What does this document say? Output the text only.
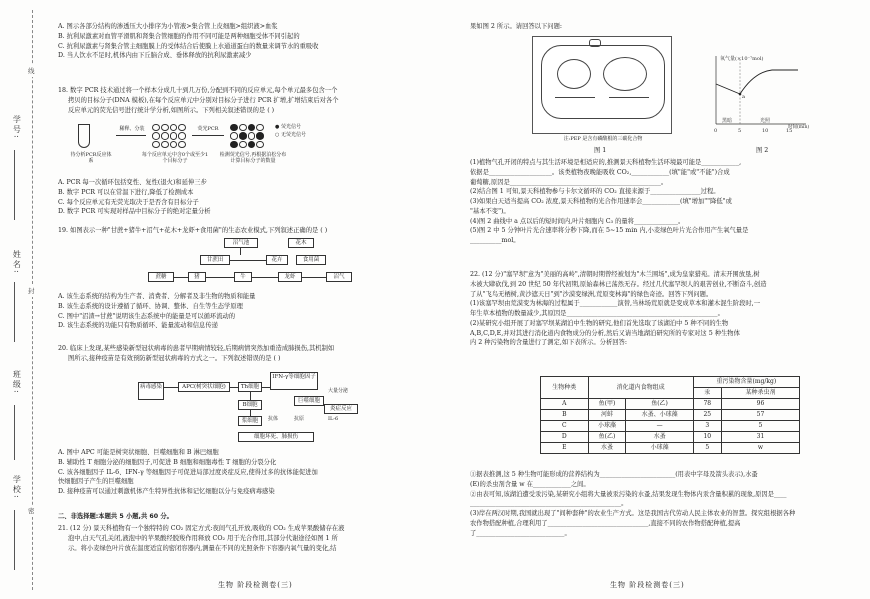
学号:
姓名:
班级:
学校:
线
封
密
A. 图示各部分结构的渗透压大小排序为小管液>集合管上皮细胞>组织液>血浆
B. 抗利尿激素对血管平滑肌和肾集合管细胞的作用不同可能是两种细胞受体不同引起的
C. 抗利尿激素与肾集合管主细胞膜上的受体结合后使膜上水通道蛋白的数量来调节水的重吸收
D. 当人饮水不足时,机体内由下丘脑合成、垂体释放的抗利尿激素减少
18. 数字 PCR 技术通过将一个样本分成几十到几万份,分配到不同的反应单元,每个单元最多包含一个
拷贝的目标分子(DNA 模板),在每个反应单元中分别对目标分子进行 PCR 扩增,扩增结束后对各个
反应单元的荧光信号进行统计学分析,如图所示。下列相关叙述错误的是 ( )
待分析PCR反应体系
稀释、分装
每个反应单元中含0个或至少1个目标分子
荧光PCR
检测荧光信号,再根据泊松分布计算目标分子的数量
● 荧光信号
○ 无荧光信号
A. PCR 每一次循环包括变性、复性(退火)和延伸三步
B. 数字 PCR 可以在常温下进行,降低了检测成本
C. 每个反应单元有无荧光取决于是否含有目标分子
D. 数字 PCR 可实现对样品中目标分子的绝对定量分析
19. 如图表示一种"甘蔗+猪牛+沼气+花木+龙虾+食用菌"的生态农业模式,下列叙述正确的是 ( )
沼气池	花木
甘蔗田	花卉	食用菌
蔗糖	猪	牛	龙虾	沼气
A. 该生态系统的结构为生产者、消费者、分解者及非生物的物质和能量
B. 该生态系统的设计遵循了循环、协调、整体、自生等生态学原理
C. 图中"沼渣→甘蔗"说明该生态系统中的能量是可以循环流动的
D. 该生态系统的功能只有物质循环、能量流动和信息传递
20. 临床上发现,某些感染新型冠状病毒的患者早期病情较轻,后期病情突然加重造成肺损伤,其机制如
图所示,接种疫苗是有效预防新型冠状病毒的方式之一。下列叙述错误的是 ( )
病毒感染	APC(树突状细胞)	Th细胞
IFN-γ等细胞因子
B细胞
巨噬细胞
大量分泌
浆细胞	抗体
炎症反应
抗原	IL-6
细胞坏死、肺损伤
A. 图中 APC 可能是树突状细胞、巨噬细胞和 B 淋巴细胞
B. 辅助性 T 细胞分泌的细胞因子,可促进 B 细胞和细胞毒性 T 细胞的分裂分化
C. 该各细胞因子 IL-6、IFN-γ 等细胞因子可促进局部过度炎症反应,使得过多的抗体能促进加
快细胞因子产生的巨噬细胞
D. 接种疫苗可以通过刺激机体产生特异性抗体和记忆细胞以分与免疫病毒感染
二、非选择题:本题共 5 小题,共 60 分。
21. (12 分) 景天科植物有一个独特特的 CO₂ 固定方式:夜间气孔开放,吸收的 CO₂ 生成苹果酸储存在液
泡中,白天气孔关闭,液泡中的苹果酸经脱羧作用释放 CO₂ 用于光合作用,其部分代谢途径如图 1 所
示。将小麦绿色叶片放在温度适宜的密闭容器内,测量在不同的光照条件下容器内氧气量的变化,结
生物 阶段检测卷(三)
果如图 2 所示。请回答以下问题:
注:PEP 是含有磷酸根的三碳化合物
图 1
a
黑暗	光照
0	5	10	15
氧气量(×10⁻⁷mol)
时间(min)
图 2
(1)植物气孔开闭的特点与其生活环境是相适应的,推测景天科植物生活环境最可能是____________,
依据是____________________。该类植物夜晚能吸收 CO₂,____________(填"能"或"不能")合成
葡萄糖,原因是________________________________________________。
(2)结合图 1 可知,景天科植物参与卡尔文循环的 CO₂ 直接来源于________________过程。
(3)如果白天适当提高 CO₂ 浓度,景天科植物的光合作用速率会____________(填"增加""降低"或
"基本不变")。
(4)图 2 曲线中 a 点以后的短时间内,叶片细胞内 C₃ 的量将______________。
(5)图 2 中 5 分钟叶片光合速率将分秒下降,而在 5~15 min 内,小麦绿色叶片光合作用产生氧气量是
__________mol。
22. (12 分)"塞罕坝"意为"美丽的高岭",清朝时期曾经被划为"木兰围场",成为皇家猎苑。清末开围放垦,树
木被大肆砍伐,到 20 世纪 50 年代初期,原始森林已荡然无存。经过几代塞罕坝人的艰苦创业,不断奋斗,创造
了从"飞鸟无栖树,黄沙遮天日"到"沙漠变绿洲,荒原变林海"的绿色奇迹。回答下列问题。
(1)该塞罕坝由荒漠变为林海的过程属于____________演替,当林场荒原就是变成草本和灌木混生阶段时,一
年生草本植物的数量减少,其原因是________________________________________________。
(2)某研究小组开展了对塞罕坝某湖泊中生物的研究,他们首先选取了该湖泊中 5 种不同的生物
A,B,C,D,E,并对其进行消化道内食物成分的分析,然后又请当地湖泊研究所的专家对这 5 种生物体
内 2 种污染物的含量进行了测定,如下表所示。分析回答:
生物种类	消化道内食物组成		重污染物含量(mg/kg)	
			汞	某种杀虫剂
A	鱼(甲)	鱼(乙)	78	96
B	河蚌	水蚤、小球藻	25	57
C	小球藻	—	3	5
D	鱼(乙)	水蚤	10	31
E	水蚤	小球藻	5	w
①据表推测,这 5 种生物可能形成的营养结构为________________________(用表中字母及箭头表示),水蚤
(E)的杀虫剂含量 w 在____________之间。
②由表可知,该湖泊遭受汞污染,某研究小组将大量被汞污染的水蚤,结果发现生物体内汞含量积累的现象,原因是____
________________________________________________。
(3)岸在两汉时期,我国就出现了"间种套种"的农业生产方式。这是我国古代劳动人民主体农业的智慧。探究组根据各种
农作物搭配种植,合理利用了________________________________,直接不同的农作物搭配种植,提高
了____________________________。
生物 阶段检测卷(三)
